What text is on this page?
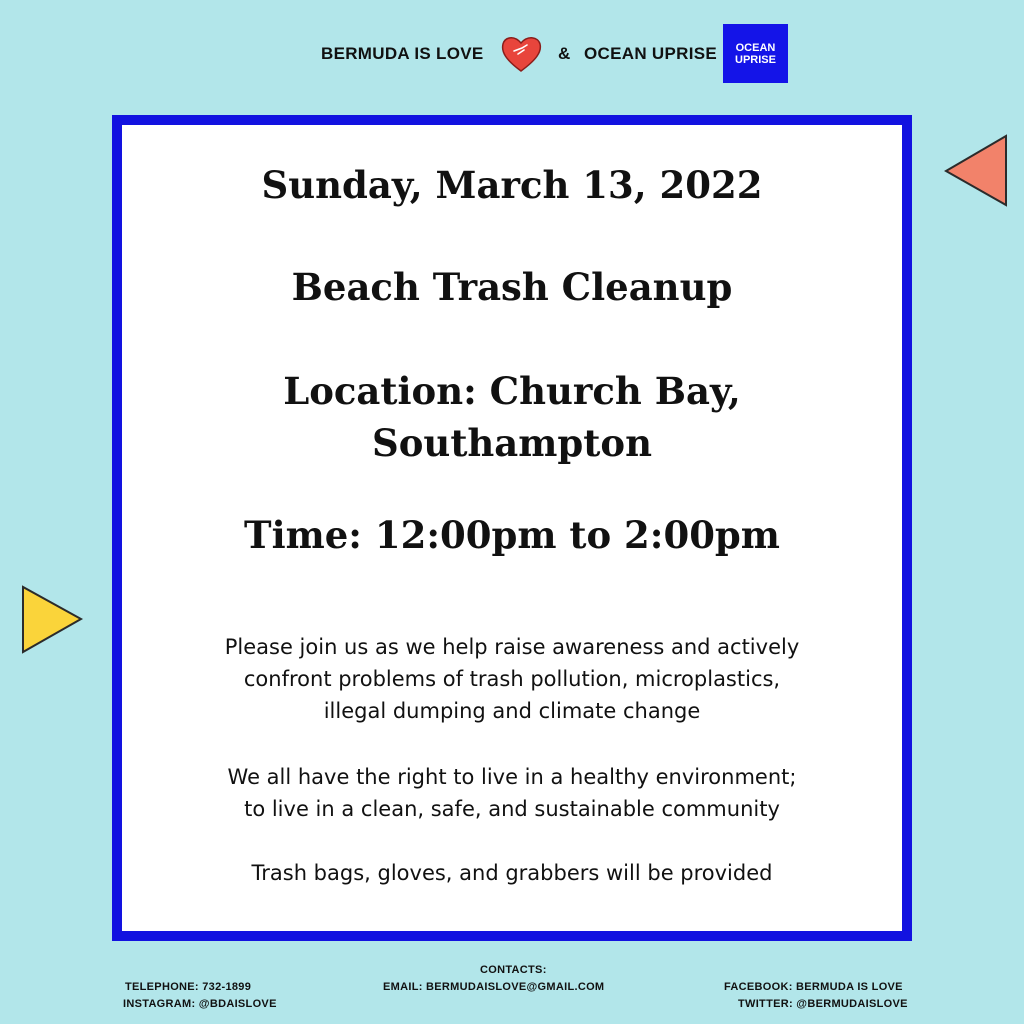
BERMUDA IS LOVE	& OCEAN UPRISE OCEAN
UPRISE
Sunday, March 13, 2022
Beach Trash Cleanup
Location: Church Bay,
Southampton
Time: 12:00pm to 2:00pm
Please join us as we help raise awareness and actively
confront problems of trash pollution, microplastics,
illegal dumping and climate change
We all have the right to live in a healthy environment;
to live in a clean, safe, and sustainable community
Trash bags, gloves, and grabbers will be provided
CONTACTS:
TELEPHONE: 732-1899
INSTAGRAM: @BDAISLOVE
EMAIL: BERMUDAISLOVE@GMAIL.COM	FACEBOOK: BERMUDA IS LOVE
TWITTER: @BERMUDAISLOVE
